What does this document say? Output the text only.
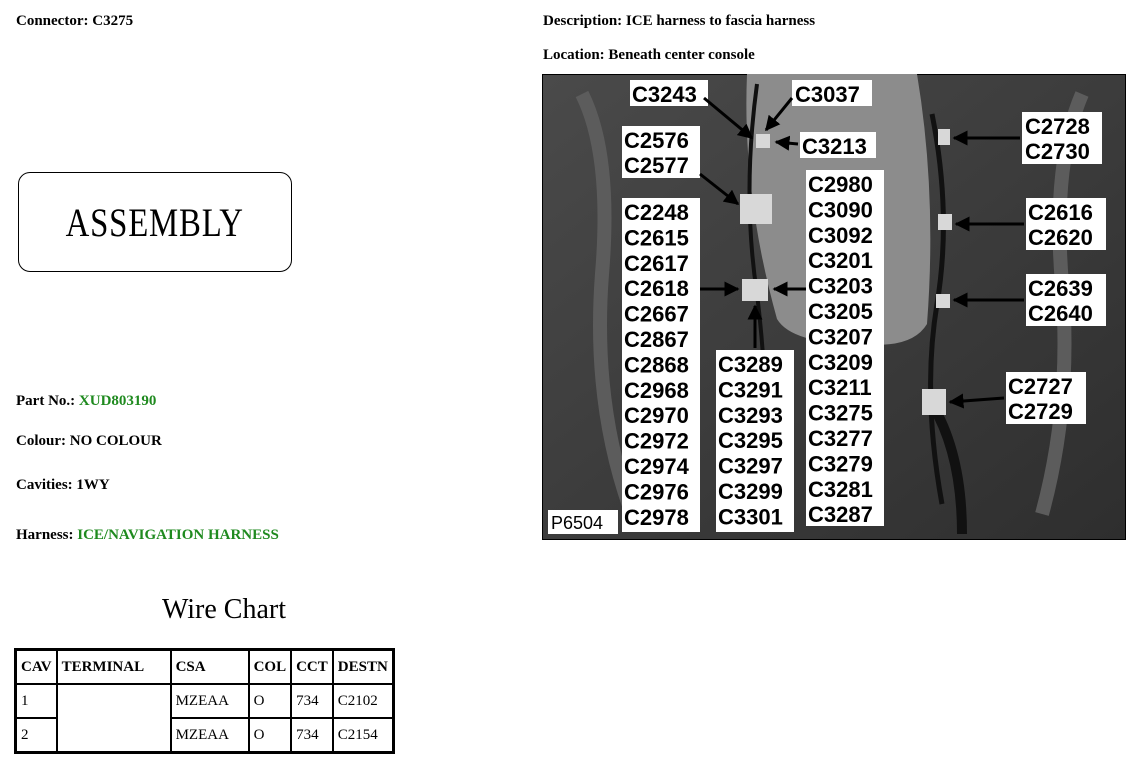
Connector: C3275	Description: ICE harness to fascia harness
Location: Beneath center console
ASSEMBLY
Part No.: XUD803190
Colour: NO COLOUR
Cavities: 1WY
Harness: ICE/NAVIGATION HARNESS
Wire Chart
CAV	TERMINAL	CSA	COL	CCT	DESTN
1		MZEAA	O	734	C2102
2		MZEAA	O	734	C2154
C3243	C3037
C3213
C2576
C2577
C2248
C2615
C2617
C2618
C2667
C2867
C2868
C2968
C2970
C2972
C2974
C2976
C2978
C3289
C3291
C3293
C3295
C3297
C3299
C3301
C2980
C3090
C3092
C3201
C3203
C3205
C3207
C3209
C3211
C3275
C3277
C3279
C3281
C3287
C2728
C2730
C2616
C2620
C2639
C2640
C2727
C2729
P6504
